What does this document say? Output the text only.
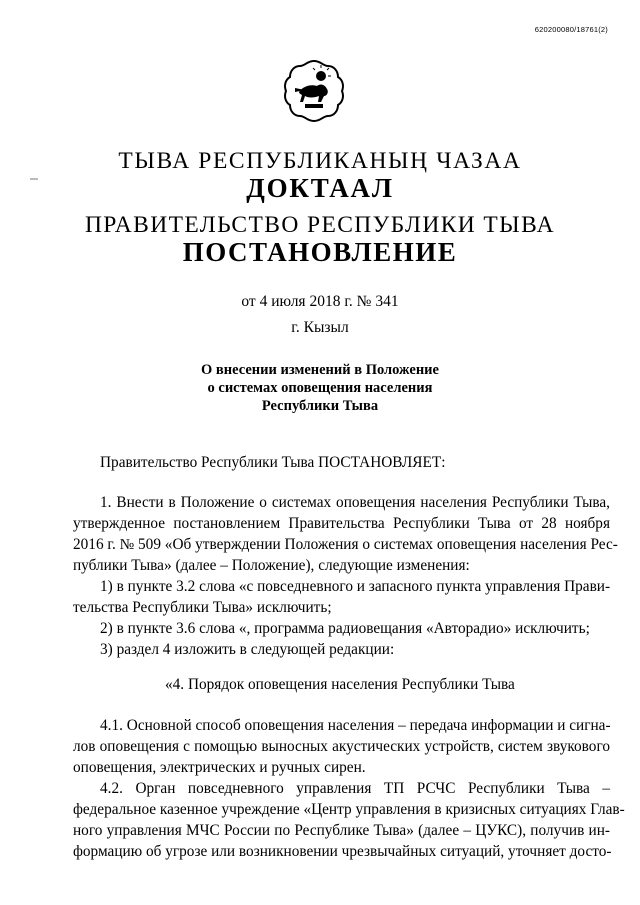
620200080/18761(2)
ТЫВА РЕСПУБЛИКАНЫҢ ЧАЗАА
ДОКТААЛ
ПРАВИТЕЛЬСТВО РЕСПУБЛИКИ ТЫВА
ПОСТАНОВЛЕНИЕ
от 4 июля 2018 г. № 341
г. Кызыл
О внесении изменений в Положение
о системах оповещения населения
Республики Тыва
Правительство Республики Тыва ПОСТАНОВЛЯЕТ:
1. Внести в Положение о системах оповещения населения Республики Тыва,
утвержденное постановлением Правительства Республики Тыва от 28 ноября
2016 г. № 509 «Об утверждении Положения о системах оповещения населения Рес-
публики Тыва» (далее – Положение), следующие изменения:
1) в пункте 3.2 слова «с повседневного и запасного пункта управления Прави-
тельства Республики Тыва» исключить;
2) в пункте 3.6 слова «, программа радиовещания «Авторадио» исключить;
3) раздел 4 изложить в следующей редакции:
«4. Порядок оповещения населения Республики Тыва
4.1. Основной способ оповещения населения – передача информации и сигна-
лов оповещения с помощью выносных акустических устройств, систем звукового
оповещения, электрических и ручных сирен.
4.2. Орган повседневного управления ТП РСЧС Республики Тыва –
федеральное казенное учреждение «Центр управления в кризисных ситуациях Глав-
ного управления МЧС России по Республике Тыва» (далее – ЦУКС), получив ин-
формацию об угрозе или возникновении чрезвычайных ситуаций, уточняет досто-
